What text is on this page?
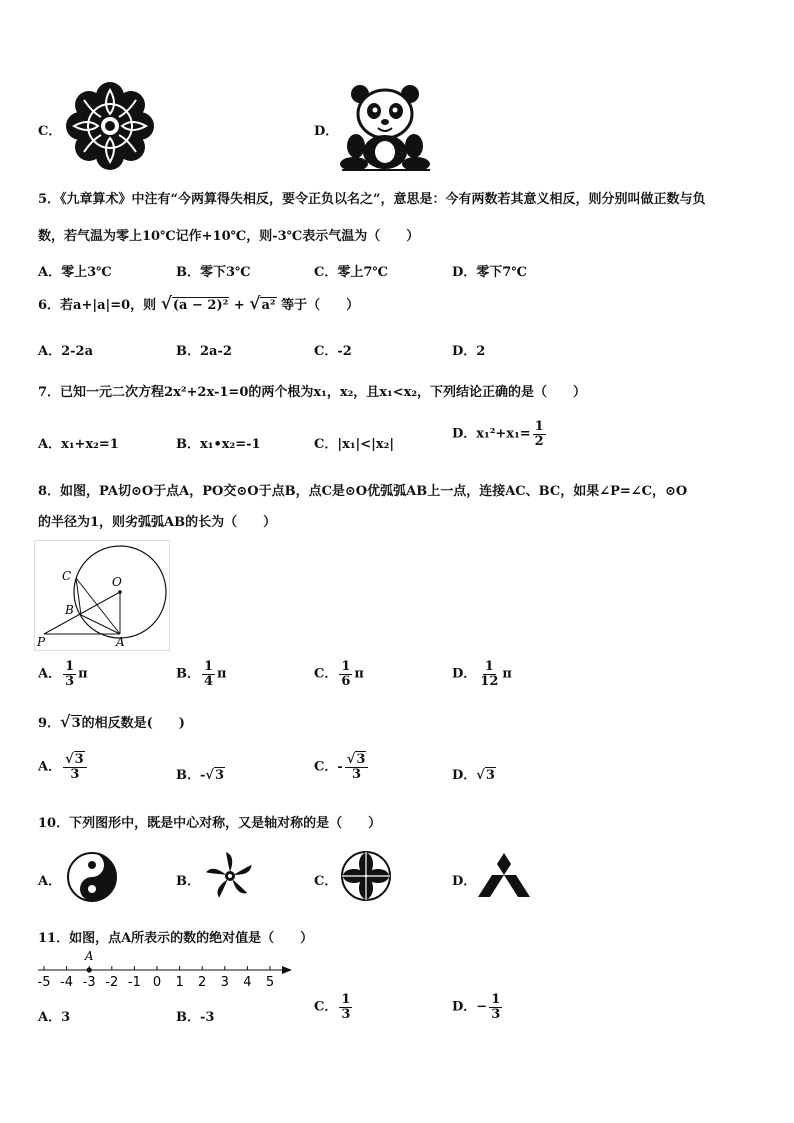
C．	D．
5．《九章算术》中注有“今两算得失相反，要令正负以名之”，意思是：今有两数若其意义相反，则分别叫做正数与负
数，若气温为零上10℃记作+10℃，则-3℃表示气温为（　　）
A．零上3℃	B．零下3℃	C．零上7℃	D．零下7℃
6．若a+|a|=0，则 √(a − 2)² + √a² 等于（　　）
A．2-2a	B．2a-2	C．-2	D．2
7．已知一元二次方程2x²+2x-1=0的两个根为x₁，x₂，且x₁<x₂，下列结论正确的是（　　）
A．x₁+x₂=1	B．x₁•x₂=-1	C．|x₁|<|x₂|
D．$x_1^2+x_1= \frac{1}{2}$
8．如图，PA切⊙O于点A，PO交⊙O于点B，点C是⊙O优弧弧AB上一点，连接AC、BC，如果∠P=∠C，⊙O
的半径为1，则劣弧弧AB的长为（　　）
C	O
B
P	A
A． $\frac{1}{3}$ π	B． $\frac{1}{4}$ π	C． $\frac{1}{6}$ π	D． $\frac{1}{12}$ π
9．√3的相反数是(　　)
A． $\frac{√3}{3}$	B．-√3
C．- $\frac{√3}{3}$	D．√3
10．下列图形中，既是中心对称，又是轴对称的是（　　）
A．	B．	C．	D．
11．如图，点A所表示的数的绝对值是（　　）
-5 -4 -3 -2 -1 0 1 2 3 4 5
A
A．3	B．-3
C． $\frac{1}{3}$	D．− $\frac{1}{3}$
